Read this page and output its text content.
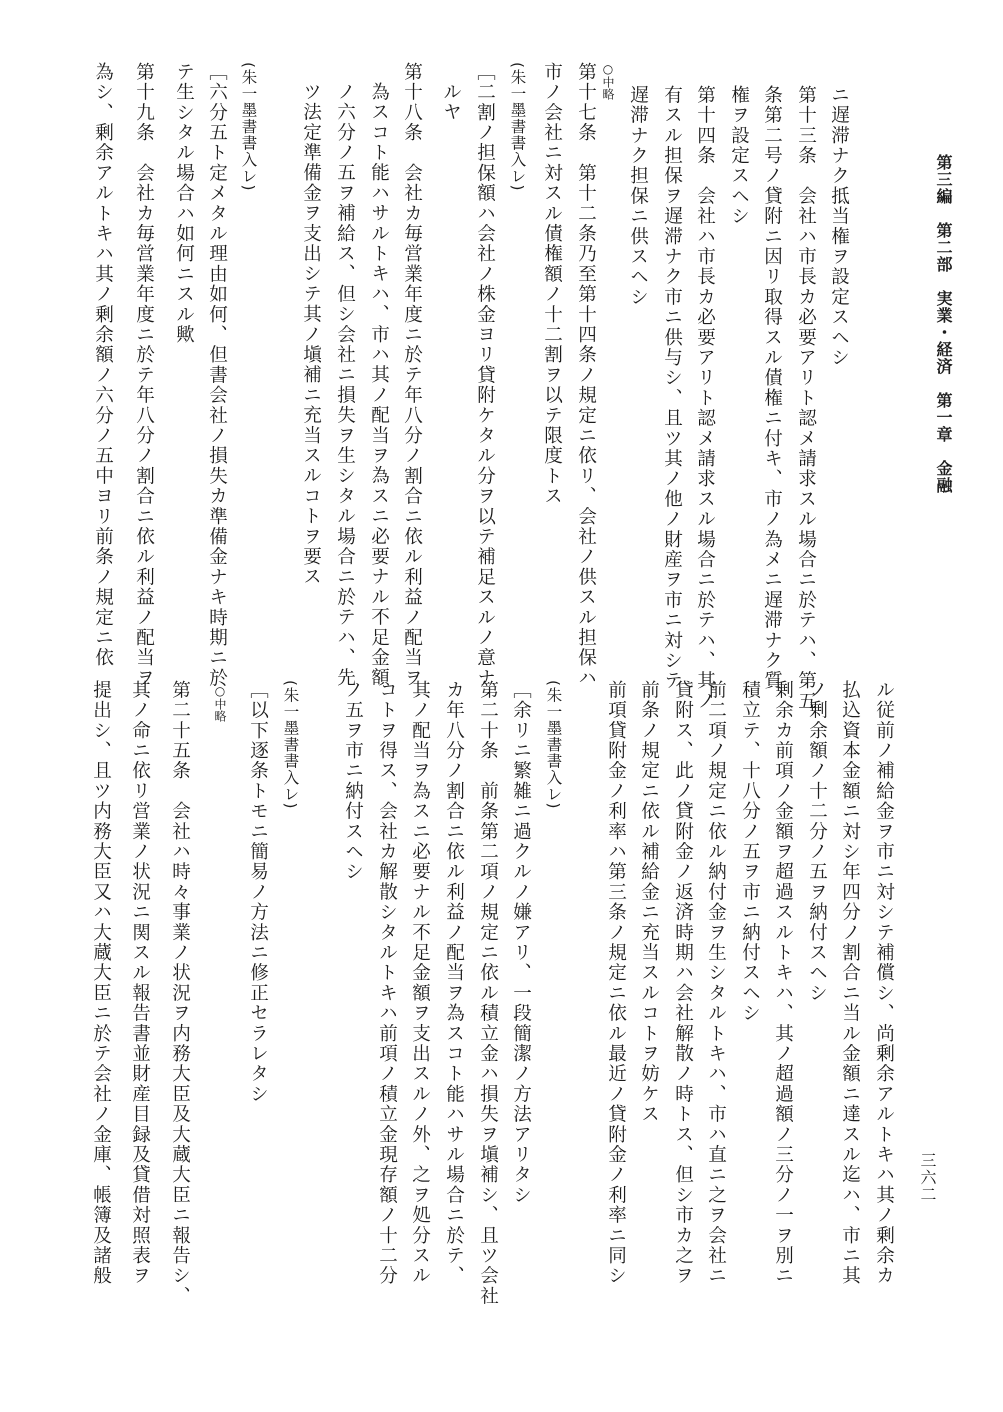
第三編　第二部　実業・経済　第一章　金融
三六二
ニ遅滞ナク抵当権ヲ設定スヘシ
第十三条　会社ハ市長カ必要アリト認メ請求スル場合ニ於テハ、第五
条第二号ノ貸附ニ因リ取得スル債権ニ付キ、市ノ為メニ遅滞ナク質
権ヲ設定スヘシ
第十四条　会社ハ市長カ必要アリト認メ請求スル場合ニ於テハ、其ノ
有スル担保ヲ遅滞ナク市ニ供与シ、且ツ其ノ他ノ財産ヲ市ニ対シテ
遅滞ナク担保ニ供スヘシ
○中略
第十七条　第十二条乃至第十四条ノ規定ニ依リ、会社ノ供スル担保ハ
市ノ会社ニ対スル債権額ノ十二割ヲ以テ限度トス
(朱一墨書書入レ)
［二割ノ担保額ハ会社ノ株金ヨリ貸附ケタル分ヲ以テ補足スルノ意ナ
ルヤ
第十八条　会社カ毎営業年度ニ於テ年八分ノ割合ニ依ル利益ノ配当ヲ
為スコト能ハサルトキハ、市ハ其ノ配当ヲ為スニ必要ナル不足金額
ノ六分ノ五ヲ補給ス、但シ会社ニ損失ヲ生シタル場合ニ於テハ、先
ツ法定準備金ヲ支出シテ其ノ塡補ニ充当スルコトヲ要ス
(朱一墨書書入レ)
［六分五ト定メタル理由如何、但書会社ノ損失カ準備金ナキ時期ニ於
テ生シタル場合ハ如何ニスル歟
第十九条　会社カ毎営業年度ニ於テ年八分ノ割合ニ依ル利益ノ配当ヲ
為シ、剰余アルトキハ其ノ剰余額ノ六分ノ五中ヨリ前条ノ規定ニ依
ル従前ノ補給金ヲ市ニ対シテ補償シ、尚剰余アルトキハ其ノ剰余カ
払込資本金額ニ対シ年四分ノ割合ニ当ル金額ニ達スル迄ハ、市ニ其
ノ剰余額ノ十二分ノ五ヲ納付スヘシ
剰余カ前項ノ金額ヲ超過スルトキハ、其ノ超過額ノ三分ノ一ヲ別ニ
積立テ、十八分ノ五ヲ市ニ納付スヘシ
前二項ノ規定ニ依ル納付金ヲ生シタルトキハ、市ハ直ニ之ヲ会社ニ
貸附ス、此ノ貸附金ノ返済時期ハ会社解散ノ時トス、但シ市カ之ヲ
前条ノ規定ニ依ル補給金ニ充当スルコトヲ妨ケス
前項貸附金ノ利率ハ第三条ノ規定ニ依ル最近ノ貸附金ノ利率ニ同シ
(朱一墨書書入レ)
［余リニ繁雑ニ過クルノ嫌アリ、一段簡潔ノ方法アリタシ
第二十条　前条第二項ノ規定ニ依ル積立金ハ損失ヲ塡補シ、且ツ会社
カ年八分ノ割合ニ依ル利益ノ配当ヲ為スコト能ハサル場合ニ於テ、
其ノ配当ヲ為スニ必要ナル不足金額ヲ支出スルノ外、之ヲ処分スル
コトヲ得ス、会社カ解散シタルトキハ前項ノ積立金現存額ノ十二分
ノ五ヲ市ニ納付スヘシ
(朱一墨書書入レ)
［以下逐条トモニ簡易ノ方法ニ修正セラレタシ
○中略
第二十五条　会社ハ時々事業ノ状況ヲ内務大臣及大蔵大臣ニ報告シ、
其ノ命ニ依リ営業ノ状況ニ関スル報告書並財産目録及貸借対照表ヲ
提出シ、且ツ内務大臣又ハ大蔵大臣ニ於テ会社ノ金庫、帳簿及諸般
